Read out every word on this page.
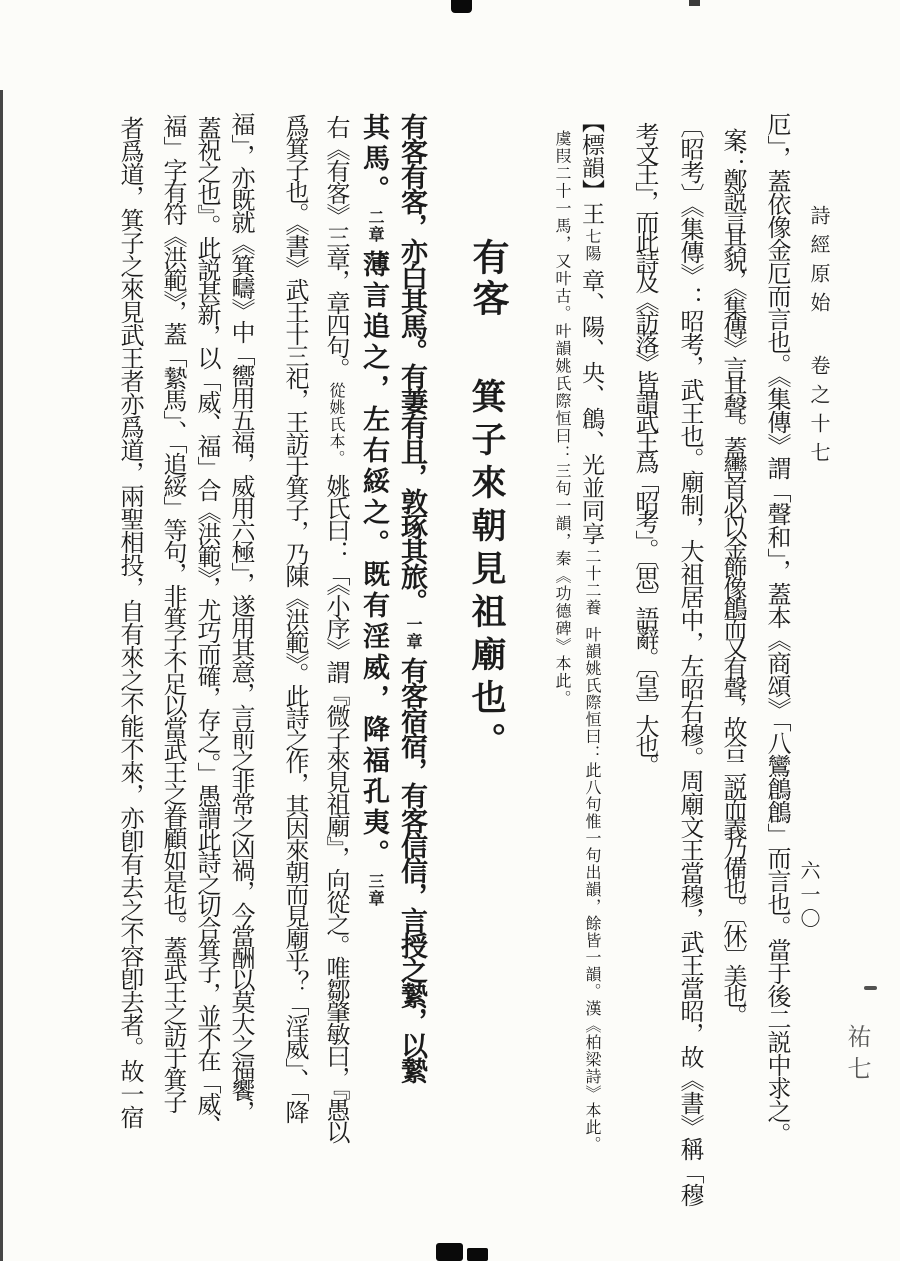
詩經原始卷之十七
六一〇
祐七
厄」，蓋依像金厄而言也。《集傳》謂「聲和」，蓋本《商頌》「八鸞鶬鶬」而言也。當于後二説中求之。
案：鄭説言其貌，《集傳》言其聲。蓋轡首必以金飾像鶬而又有聲，故合二説而義乃備也。〔休〕美也。
〔昭考〕《集傳》：昭考，武王也。廟制，大祖居中，左昭右穆。周廟文王當穆，武王當昭，故《書》稱「穆
考文王」，而此詩及《訪落》皆謂武王爲「昭考」。〔思〕語辭。〔皇〕大也。
【標韻】王七陽章、陽、央、鶬、光並同享二十二養叶韻姚氏際恒曰：此八句惟一句出韻，餘皆一韻。漢《柏梁詩》本此。
虞叚二十一馬，又叶古。叶韻姚氏際恒曰：三句一韻，秦《功德碑》本此。
有客箕子來朝見祖廟也。
有客有客，亦白其馬。有萋有且，敦琢其旅。一章有客宿宿，有客信信，言授之縶，以縶
其馬。二章薄言追之，左右綏之。既有淫威，降福孔夷。三章
右《有客》三章，章四句。從姚氏本。姚氏曰：「《小序》謂『微子來見祖廟』，向從之。唯鄒肇敏曰，『愚以
爲箕子也。《書》武王十三祀，王訪于箕子，乃陳《洪範》。此詩之作，其因來朝而見廟乎？「淫威」、「降
福」，亦既就《箕疇》中「嚮用五福，威用六極」，遂用其意，言前之非常之凶禍，今當酬以莫大之福饗，
蓋祝之也』。此説甚新，以「威、福」合《洪範》，尤巧而確，存之。」愚謂此詩之切合箕子，並不在「威、
福」字有符《洪範》，蓋「縶馬」、「追綏」等句，非箕子不足以當武王之眷顧如是也。蓋武王之訪于箕子
者爲道，箕子之來見武王者亦爲道，兩聖相投，自有來之不能不來，亦卽有去之不容卽去者。故一宿
